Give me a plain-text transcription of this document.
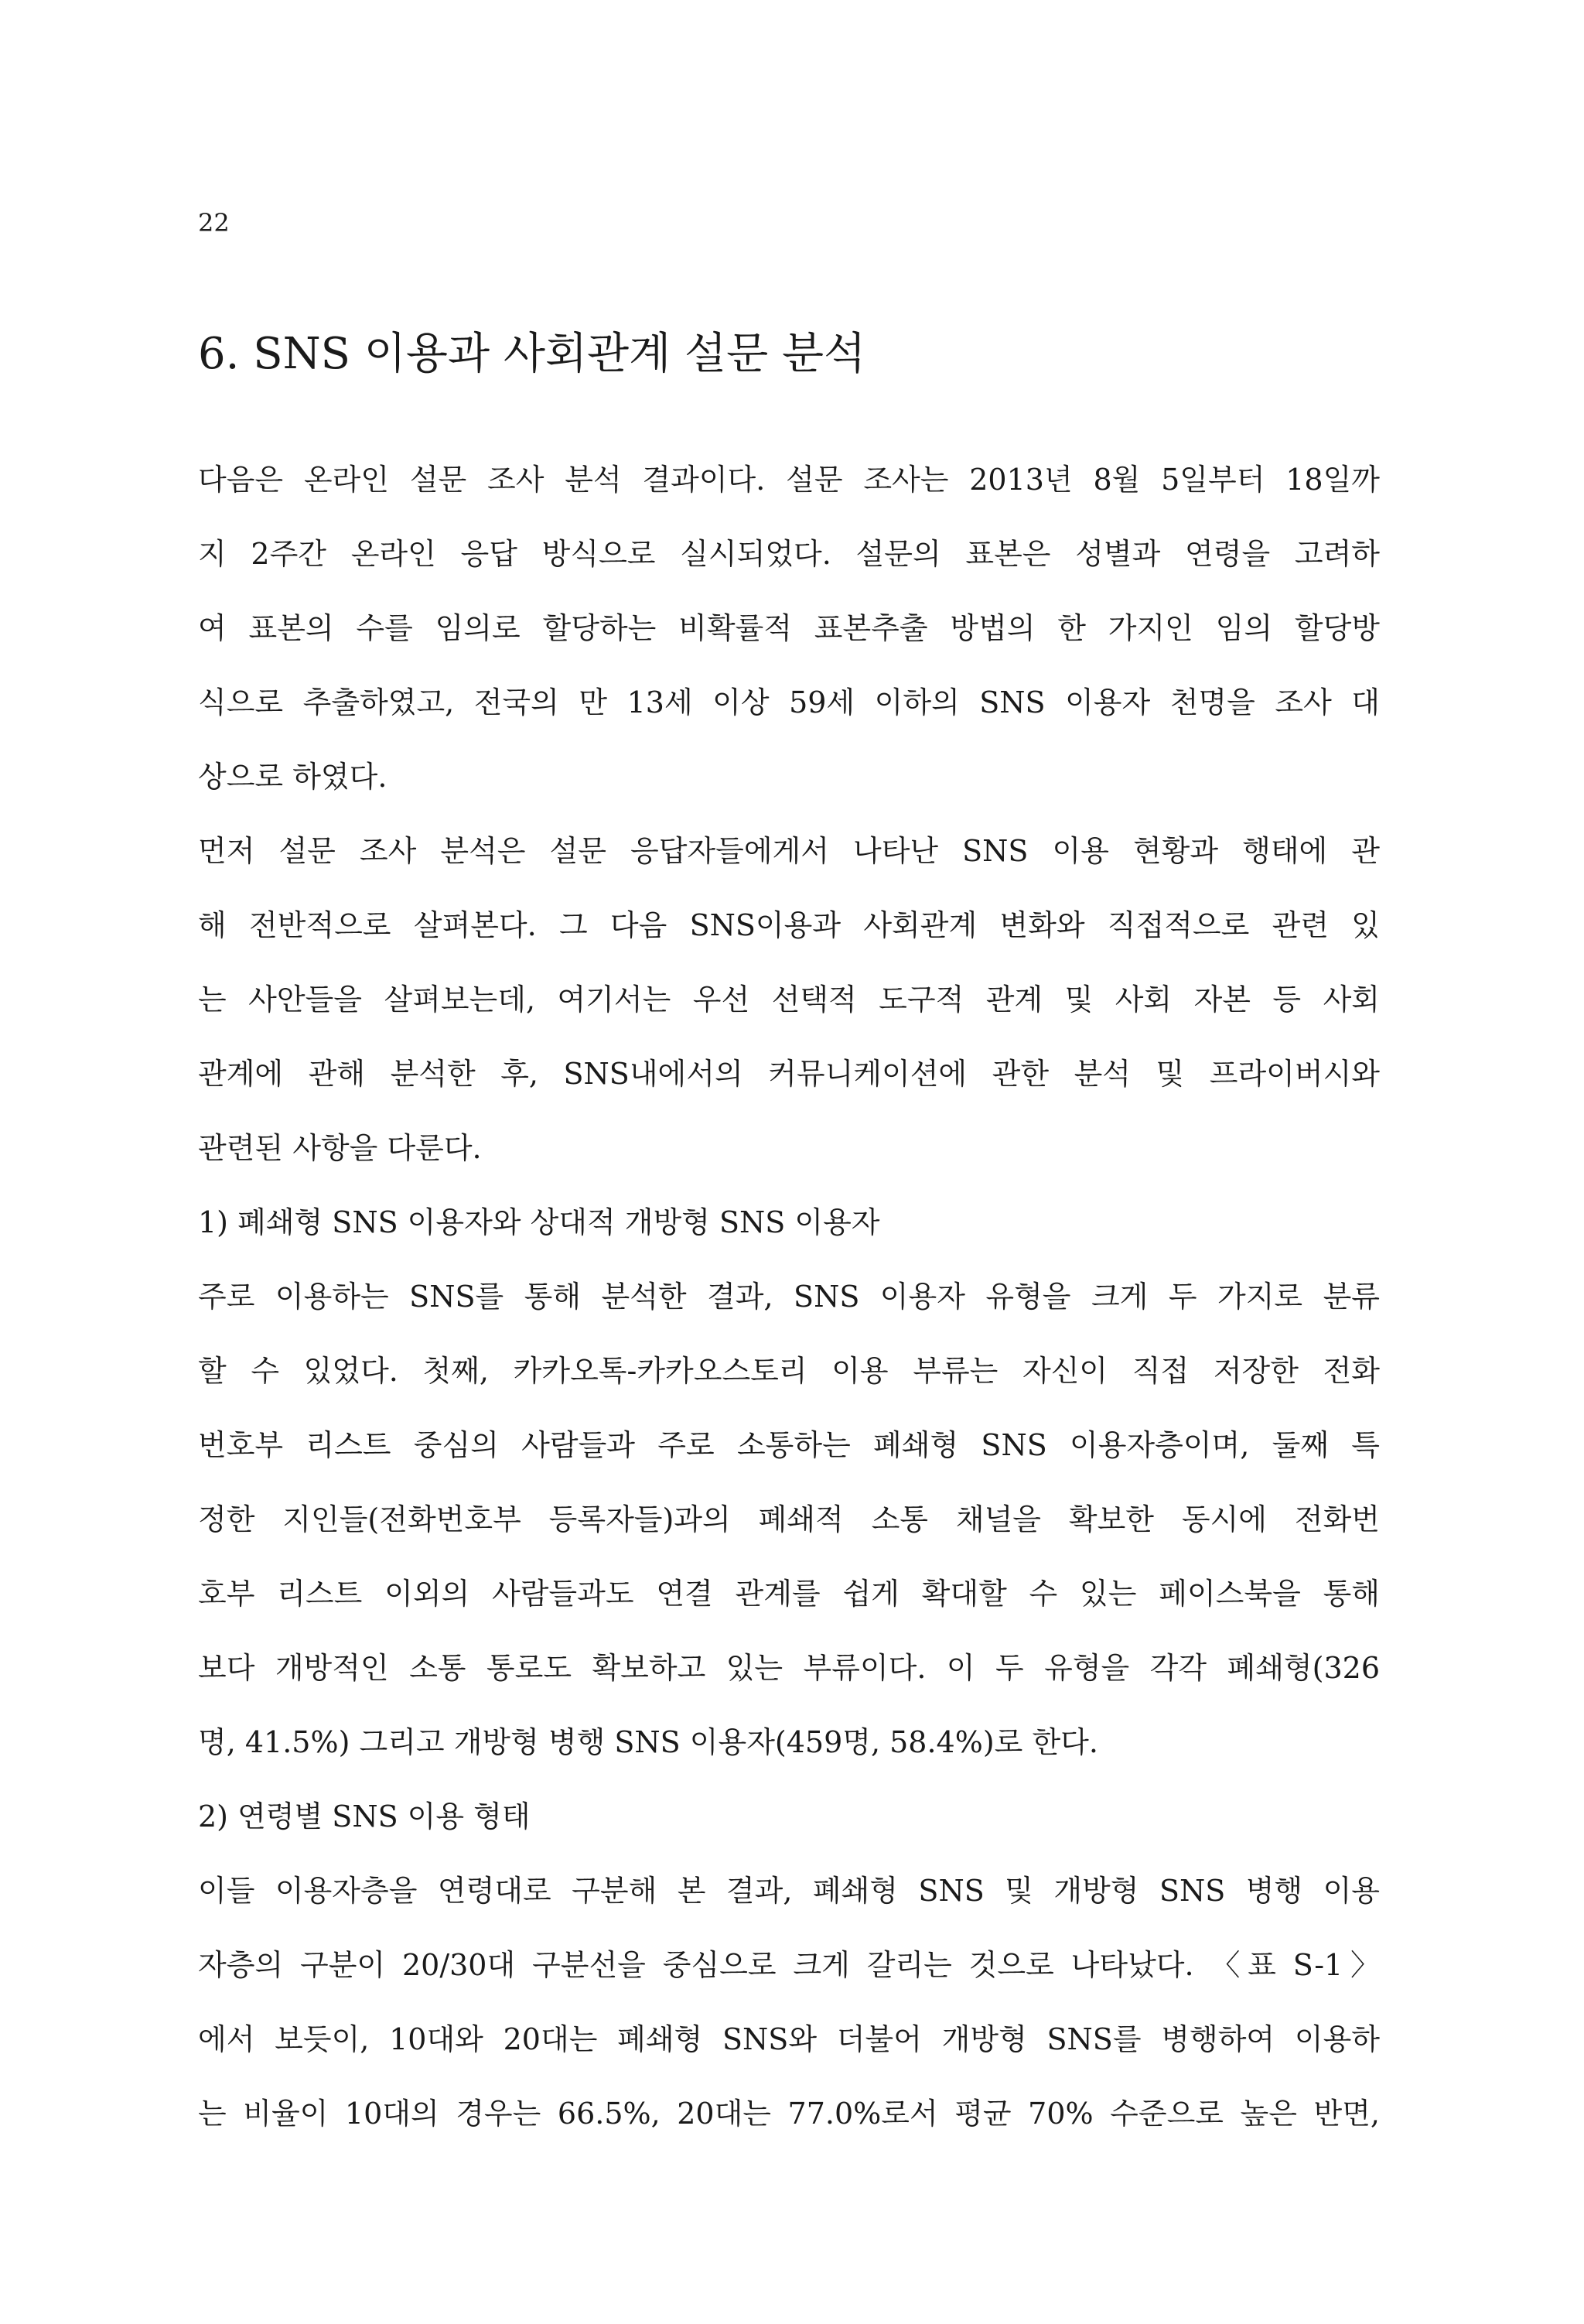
22

6. SNS 이용과 사회관계 설문 분석

다음은 온라인 설문 조사 분석 결과이다. 설문 조사는 2013년 8월 5일부터 18일까

지 2주간 온라인 응답 방식으로 실시되었다. 설문의 표본은 성별과 연령을 고려하

여 표본의 수를 임의로 할당하는 비확률적 표본추출 방법의 한 가지인 임의 할당방

식으로 추출하였고, 전국의 만 13세 이상 59세 이하의 SNS 이용자 천명을 조사 대

상으로 하였다.

먼저 설문 조사 분석은 설문 응답자들에게서 나타난 SNS 이용 현황과 행태에 관

해 전반적으로 살펴본다. 그 다음 SNS이용과 사회관계 변화와 직접적으로 관련 있

는 사안들을 살펴보는데, 여기서는 우선 선택적 도구적 관계 및 사회 자본 등 사회

관계에 관해 분석한 후, SNS내에서의 커뮤니케이션에 관한 분석 및 프라이버시와

관련된 사항을 다룬다.

1) 폐쇄형 SNS 이용자와 상대적 개방형 SNS 이용자

주로 이용하는 SNS를 통해 분석한 결과, SNS 이용자 유형을 크게 두 가지로 분류

할 수 있었다. 첫째, 카카오톡-카카오스토리 이용 부류는 자신이 직접 저장한 전화

번호부 리스트 중심의 사람들과 주로 소통하는 폐쇄형 SNS 이용자층이며, 둘째 특

정한 지인들(전화번호부 등록자들)과의 폐쇄적 소통 채널을 확보한 동시에 전화번

호부 리스트 이외의 사람들과도 연결 관계를 쉽게 확대할 수 있는 페이스북을 통해

보다 개방적인 소통 통로도 확보하고 있는 부류이다. 이 두 유형을 각각 폐쇄형(326

명, 41.5%) 그리고 개방형 병행 SNS 이용자(459명, 58.4%)로 한다.

2) 연령별 SNS 이용 형태

이들 이용자층을 연령대로 구분해 본 결과, 폐쇄형 SNS 및 개방형 SNS 병행 이용

자층의 구분이 20/30대 구분선을 중심으로 크게 갈리는 것으로 나타났다. 〈표 S-1〉

에서 보듯이, 10대와 20대는 폐쇄형 SNS와 더불어 개방형 SNS를 병행하여 이용하

는 비율이 10대의 경우는 66.5%, 20대는 77.0%로서 평균 70% 수준으로 높은 반면,
